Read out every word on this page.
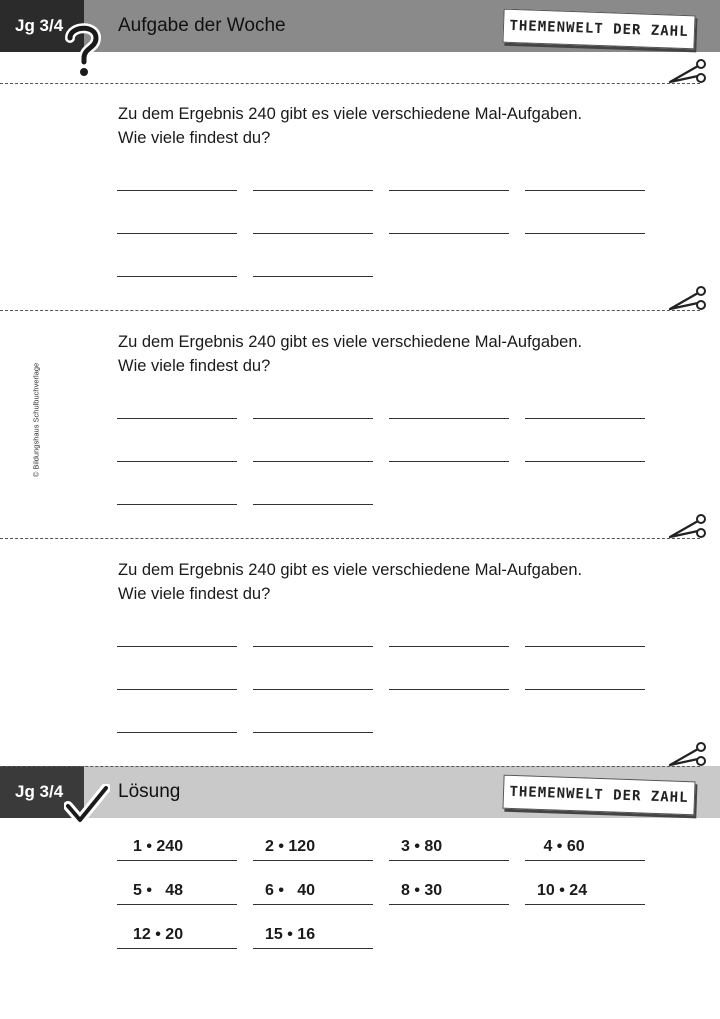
Jg 3/4	Aufgabe der Woche	THEMENWELT DER ZAHL
© Bildungshaus Schulbuchverlage
Zu dem Ergebnis 240 gibt es viele verschiedene Mal-Aufgaben.
Wie viele findest du?
Zu dem Ergebnis 240 gibt es viele verschiedene Mal-Aufgaben.
Wie viele findest du?
Zu dem Ergebnis 240 gibt es viele verschiedene Mal-Aufgaben.
Wie viele findest du?
Jg 3/4	Lösung	THEMENWELT DER ZAHL
1 • 240	2 • 120	3 • 80	4 • 60
5 •   48	6 •   40	8 • 30	10 • 24
12 • 20	15 • 16
